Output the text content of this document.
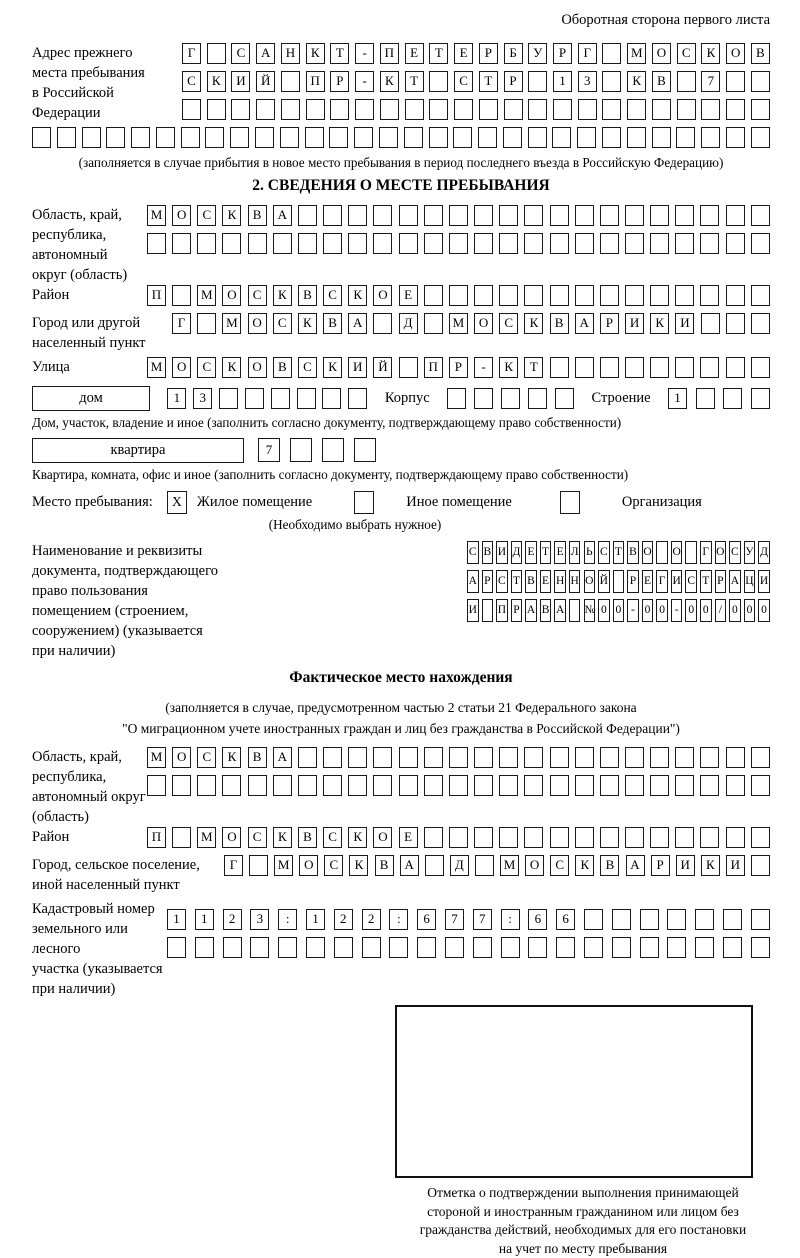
Оборотная сторона первого листа
Адрес прежнего
места пребывания
в Российской
Федерации
Г	С	А	Н	К	Т	-	П	Е	Т	Е	Р	Б	У	Р	Г	М	О	С	К	О	В
С	К	И	Й	П	Р	-	К	Т	С	Т	Р	1	3	К	В	7
(заполняется в случае прибытия в новое место пребывания в период последнего въезда в Российскую Федерацию)
2. СВЕДЕНИЯ О МЕСТЕ ПРЕБЫВАНИЯ
Область, край,
республика,
автономный
округ (область)
М	О	С	К	В	А
Район	П	М	О	С	К	В	С	К	О	Е
Город или другой
населенный пункт
Г	М	О	С	К	В	А	Д	М	О	С	К	В	А	Р	И	К	И
Улица	М	О	С	К	О	В	С	К	И	Й	П	Р	-	К	Т
дом	1	3	Корпус	Строение	1
Дом, участок, владение и иное (заполнить согласно документу, подтверждающему право собственности)
квартира	7
Квартира, комната, офис и иное (заполнить согласно документу, подтверждающему право собственности)
Место пребывания:	X	Жилое помещение	Иное помещение	Организация
(Необходимо выбрать нужное)
Наименование и реквизиты
документа, подтверждающего
право пользования
помещением (строением,
сооружением) (указывается
при наличии)
С В И Д Е Т Е Л Ь С Т В О О Г О С У Д
А Р С Т В Е Н Н О Й Р Е Г И С Т Р А Ц И
И П Р А В А № 0 0 - 0 0 - 0 0 / 0 0 0
Фактическое место нахождения
(заполняется в случае, предусмотренном частью 2 статьи 21 Федерального закона
"О миграционном учете иностранных граждан и лиц без гражданства в Российской Федерации")
Область, край,
республика,
автономный округ
(область)
М	О	С	К	В	А
Район	П	М	О	С	К	В	С	К	О	Е
Город, сельское поселение,
иной населенный пункт
Г	М	О	С	К	В	А	Д	М	О	С	К	В	А	Р	И	К	И
Кадастровый номер
земельного или лесного
участка (указывается
при наличии)
1	1	2	3	:	1	2	2	:	6	7	7	:	6	6
Отметка о подтверждении выполнения принимающей
стороной и иностранным гражданином или лицом без
гражданства действий, необходимых для его постановки
на учет по месту пребывания
